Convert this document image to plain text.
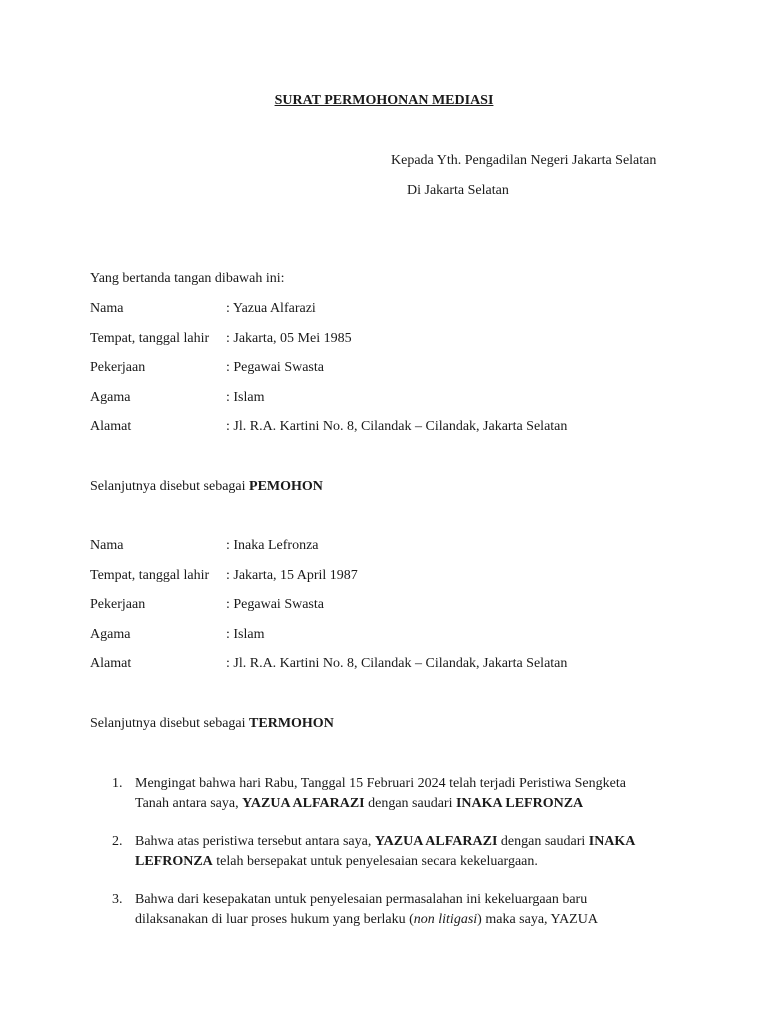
SURAT PERMOHONAN MEDIASI
Kepada Yth. Pengadilan Negeri Jakarta Selatan
Di Jakarta Selatan
Yang bertanda tangan dibawah ini:
Nama	: Yazua Alfarazi
Tempat, tanggal lahir : Jakarta, 05 Mei 1985
Pekerjaan	: Pegawai Swasta
Agama	: Islam
Alamat	: Jl. R.A. Kartini No. 8, Cilandak – Cilandak, Jakarta Selatan
Selanjutnya disebut sebagai PEMOHON
Nama	: Inaka Lefronza
Tempat, tanggal lahir : Jakarta, 15 April 1987
Pekerjaan	: Pegawai Swasta
Agama	: Islam
Alamat	: Jl. R.A. Kartini No. 8, Cilandak – Cilandak, Jakarta Selatan
Selanjutnya disebut sebagai TERMOHON
1. Mengingat bahwa hari Rabu, Tanggal 15 Februari 2024 telah terjadi Peristiwa Sengketa
Tanah antara saya, YAZUA ALFARAZI dengan saudari INAKA LEFRONZA
2. Bahwa atas peristiwa tersebut antara saya, YAZUA ALFARAZI dengan saudari INAKA
LEFRONZA telah bersepakat untuk penyelesaian secara kekeluargaan.
3. Bahwa dari kesepakatan untuk penyelesaian permasalahan ini kekeluargaan baru
dilaksanakan di luar proses hukum yang berlaku (non litigasi) maka saya, YAZUA
